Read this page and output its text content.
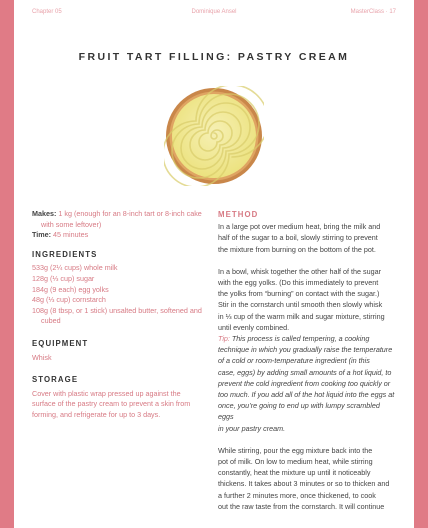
Chapter 05	Dominique Ansel	MasterClass · 17
FRUIT TART FILLING: PASTRY CREAM

Makes: 1 kg (enough for an 8-inch tart or 8-inch cake with some leftover)

Time: 45 minutes

INGREDIENTS

533g (2¼ cups) whole milk

128g (⅓ cup) sugar

184g (9 each) egg yolks

48g (⅓ cup) cornstarch

108g (8 tbsp, or 1 stick) unsalted butter, softened and cubed

EQUIPMENT

Whisk

STORAGE

Cover with plastic wrap pressed up against the

surface of the pastry cream to prevent a skin from

forming, and refrigerate for up to 3 days.

METHOD

In a large pot over medium heat, bring the milk and

half of the sugar to a boil, slowly stirring to prevent

the mixture from burning on the bottom of the pot.

In a bowl, whisk together the other half of the sugar

with the egg yolks. (Do this immediately to prevent

the yolks from “burning” on contact with the sugar.)

Stir in the cornstarch until smooth then slowly whisk

in ⅓ cup of the warm milk and sugar mixture, stirring

until evenly combined.

Tip: This process is called tempering, a cooking

technique in which you gradually raise the temperature

of a cold or room-temperature ingredient (in this

case, eggs) by adding small amounts of a hot liquid, to

prevent the cold ingredient from cooking too quickly or

too much. If you add all of the hot liquid into the eggs at

once, you’re going to end up with lumpy scrambled eggs

in your pastry cream.

While stirring, pour the egg mixture back into the

pot of milk. On low to medium heat, while stirring

constantly, heat the mixture up until it noticeably

thickens. It takes about 3 minutes or so to thicken and

a further 2 minutes more, once thickened, to cook

out the raw taste from the cornstarch. It will continue
